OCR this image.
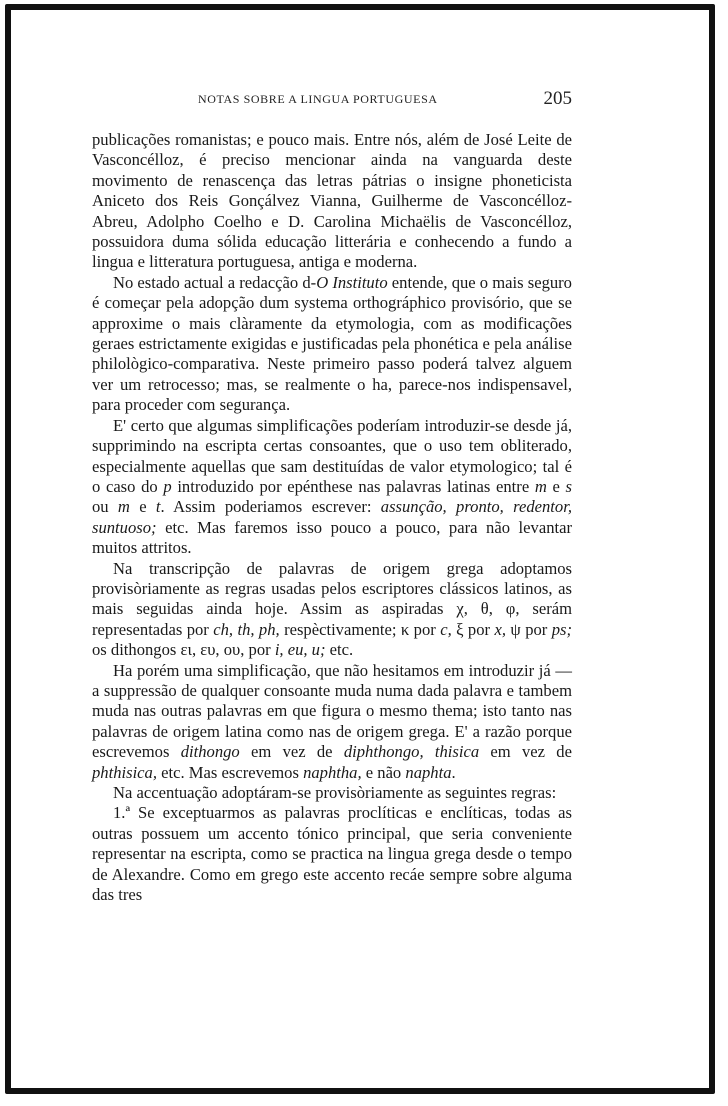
NOTAS SOBRE A LINGUA PORTUGUESA	205

publicações romanistas; e pouco mais. Entre nós, além de José Leite de Vasconcélloz, é preciso mencionar ainda na vanguarda deste movimento de renascença das letras pátrias o insigne phoneticista Aniceto dos Reis Gonçálvez Vianna, Guilherme de Vasconcélloz-Abreu, Adolpho Coelho e D. Carolina Michaëlis de Vasconcélloz, possuidora duma sólida educação litterária e conhecendo a fundo a lingua e litteratura portuguesa, antiga e moderna.

No estado actual a redacção d-O Instituto entende, que o mais seguro é começar pela adopção dum systema orthográphico provisório, que se approxime o mais clàramente da etymologia, com as modificações geraes estrictamente exigidas e justificadas pela phonética e pela análise philològico-comparativa. Neste primeiro passo poderá talvez alguem ver um retrocesso; mas, se realmente o ha, parece-nos indispensavel, para proceder com segurança.

E' certo que algumas simplificações poderíam introduzir-se desde já, supprimindo na escripta certas consoantes, que o uso tem obliterado, especialmente aquellas que sam destituídas de valor etymologico; tal é o caso do p introduzido por epénthese nas palavras latinas entre m e s ou m e t. Assim poderiamos escrever: assunção, pronto, redentor, suntuoso; etc. Mas faremos isso pouco a pouco, para não levantar muitos attritos.

Na transcripção de palavras de origem grega adoptamos provisòriamente as regras usadas pelos escriptores clássicos latinos, as mais seguidas ainda hoje. Assim as aspiradas χ, θ, φ, serám representadas por ch, th, ph, respèctivamente; κ por c, ξ por x, ψ por ps; os dithongos ει, ευ, ου, por i, eu, u; etc.

Ha porém uma simplificação, que não hesitamos em introduzir já — a suppressão de qualquer consoante muda numa dada palavra e tambem muda nas outras palavras em que figura o mesmo thema; isto tanto nas palavras de origem latina como nas de origem grega. E' a razão porque escrevemos dithongo em vez de diphthongo, thisica em vez de phthisica, etc. Mas escrevemos naphtha, e não naphta.

Na accentuação adoptáram-se provisòriamente as seguintes regras:

1.ª Se exceptuarmos as palavras proclíticas e enclíticas, todas as outras possuem um accento tónico principal, que seria conveniente representar na escripta, como se practica na lingua grega desde o tempo de Alexandre. Como em grego este accento recáe sempre sobre alguma das tres
